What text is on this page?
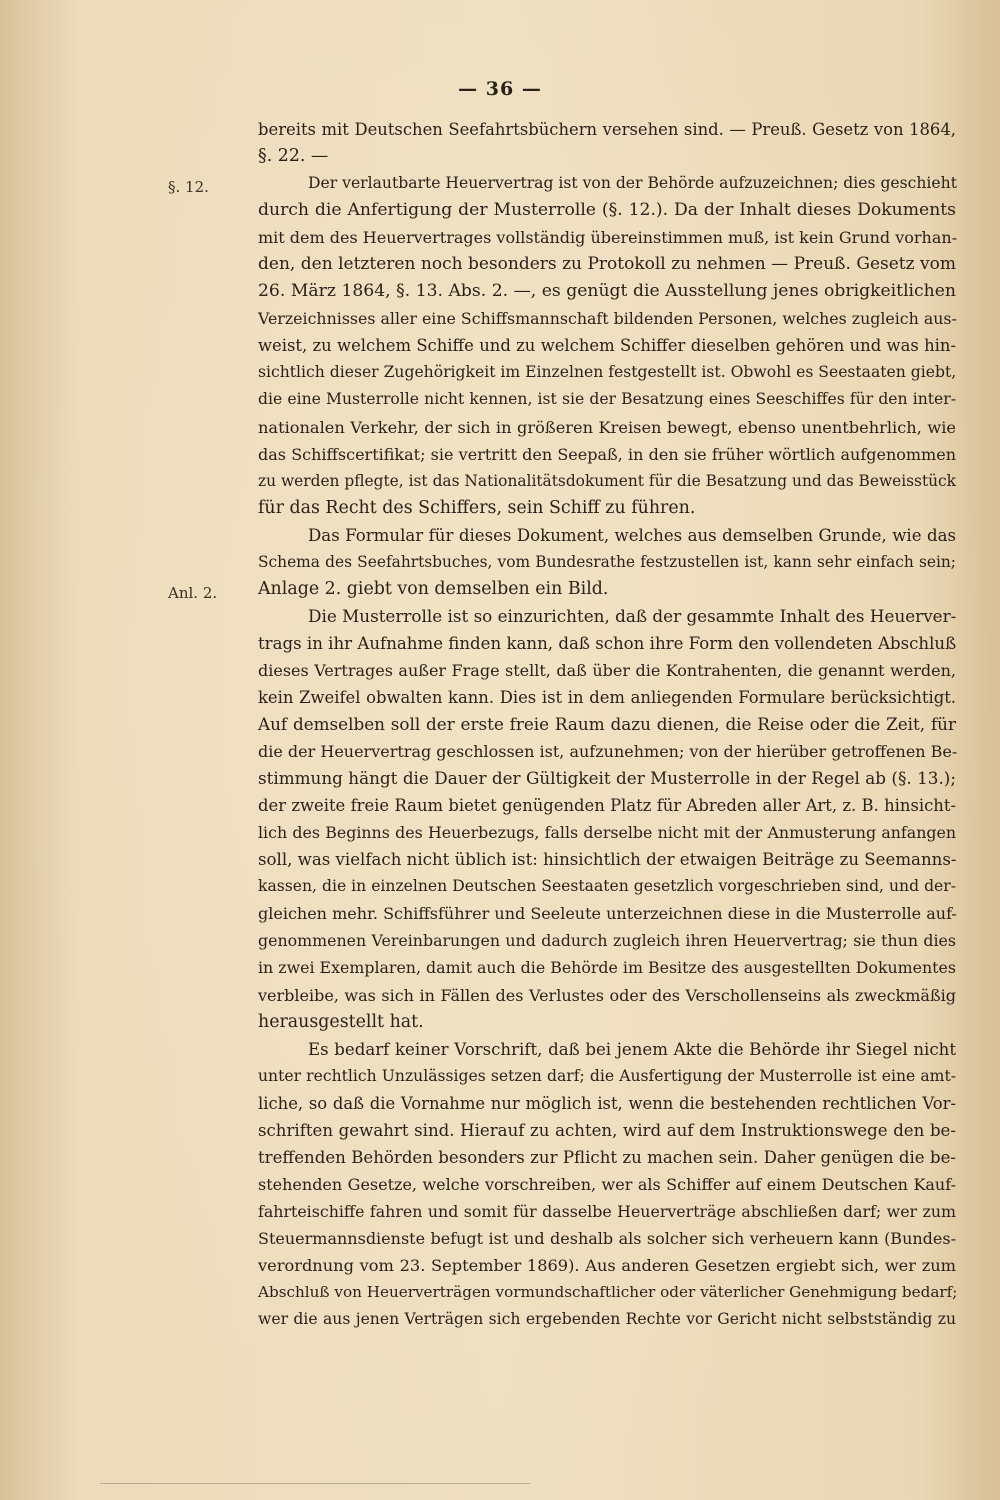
— 36 —
§. 12.
Anl. 2.
bereits mit Deutschen Seefahrtsbüchern versehen sind. — Preuß. Gesetz von 1864,
§. 22. —
Der verlautbarte Heuervertrag ist von der Behörde aufzuzeichnen; dies geschieht
durch die Anfertigung der Musterrolle (§. 12.). Da der Inhalt dieses Dokuments
mit dem des Heuervertrages vollständig übereinstimmen muß, ist kein Grund vorhan-
den, den letzteren noch besonders zu Protokoll zu nehmen — Preuß. Gesetz vom
26. März 1864, §. 13. Abs. 2. —, es genügt die Ausstellung jenes obrigkeitlichen
Verzeichnisses aller eine Schiffsmannschaft bildenden Personen, welches zugleich aus-
weist, zu welchem Schiffe und zu welchem Schiffer dieselben gehören und was hin-
sichtlich dieser Zugehörigkeit im Einzelnen festgestellt ist. Obwohl es Seestaaten giebt,
die eine Musterrolle nicht kennen, ist sie der Besatzung eines Seeschiffes für den inter-
nationalen Verkehr, der sich in größeren Kreisen bewegt, ebenso unentbehrlich, wie
das Schiffscertifikat; sie vertritt den Seepaß, in den sie früher wörtlich aufgenommen
zu werden pflegte, ist das Nationalitätsdokument für die Besatzung und das Beweisstück
für das Recht des Schiffers, sein Schiff zu führen.
Das Formular für dieses Dokument, welches aus demselben Grunde, wie das
Schema des Seefahrtsbuches, vom Bundesrathe festzustellen ist, kann sehr einfach sein;
Anlage 2. giebt von demselben ein Bild.
Die Musterrolle ist so einzurichten, daß der gesammte Inhalt des Heuerver-
trags in ihr Aufnahme finden kann, daß schon ihre Form den vollendeten Abschluß
dieses Vertrages außer Frage stellt, daß über die Kontrahenten, die genannt werden,
kein Zweifel obwalten kann. Dies ist in dem anliegenden Formulare berücksichtigt.
Auf demselben soll der erste freie Raum dazu dienen, die Reise oder die Zeit, für
die der Heuervertrag geschlossen ist, aufzunehmen; von der hierüber getroffenen Be-
stimmung hängt die Dauer der Gültigkeit der Musterrolle in der Regel ab (§. 13.);
der zweite freie Raum bietet genügenden Platz für Abreden aller Art, z. B. hinsicht-
lich des Beginns des Heuerbezugs, falls derselbe nicht mit der Anmusterung anfangen
soll, was vielfach nicht üblich ist: hinsichtlich der etwaigen Beiträge zu Seemanns-
kassen, die in einzelnen Deutschen Seestaaten gesetzlich vorgeschrieben sind, und der-
gleichen mehr. Schiffsführer und Seeleute unterzeichnen diese in die Musterrolle auf-
genommenen Vereinbarungen und dadurch zugleich ihren Heuervertrag; sie thun dies
in zwei Exemplaren, damit auch die Behörde im Besitze des ausgestellten Dokumentes
verbleibe, was sich in Fällen des Verlustes oder des Verschollenseins als zweckmäßig
herausgestellt hat.
Es bedarf keiner Vorschrift, daß bei jenem Akte die Behörde ihr Siegel nicht
unter rechtlich Unzulässiges setzen darf; die Ausfertigung der Musterrolle ist eine amt-
liche, so daß die Vornahme nur möglich ist, wenn die bestehenden rechtlichen Vor-
schriften gewahrt sind. Hierauf zu achten, wird auf dem Instruktionswege den be-
treffenden Behörden besonders zur Pflicht zu machen sein. Daher genügen die be-
stehenden Gesetze, welche vorschreiben, wer als Schiffer auf einem Deutschen Kauf-
fahrteischiffe fahren und somit für dasselbe Heuerverträge abschließen darf; wer zum
Steuermannsdienste befugt ist und deshalb als solcher sich verheuern kann (Bundes-
verordnung vom 23. September 1869). Aus anderen Gesetzen ergiebt sich, wer zum
Abschluß von Heuerverträgen vormundschaftlicher oder väterlicher Genehmigung bedarf;
wer die aus jenen Verträgen sich ergebenden Rechte vor Gericht nicht selbstständig zu
